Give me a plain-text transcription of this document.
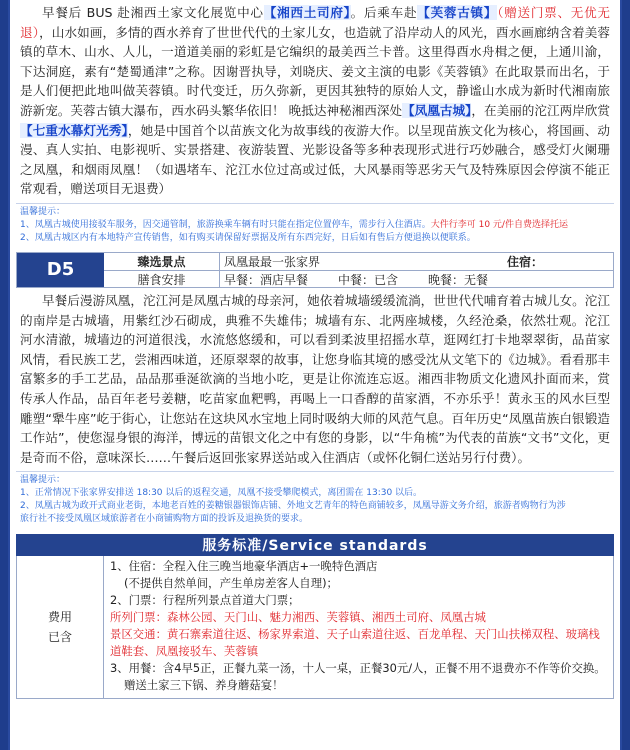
早餐后 BUS 赴湘西土家文化展览中心【湘西土司府】。后乘车赴【芙蓉古镇】（赠送门票、无优无退），山水如画，多情的酉水养育了世世代代的土家儿女，也造就了沿岸动人的风光，酉水画廊纳含着美蓉镇的草木、山水、人儿，一道道美丽的彩虹是它编织的最美西兰卡普。这里得酉水舟楫之便，上通川渝，下达洞庭，素有“楚蜀通津”之称。因谢晋执导，刘晓庆、姜文主演的电影《芙蓉镇》在此取景而出名，于是人们便把此地叫做芙蓉镇。时代变迁，历久弥新，更因其独特的原始人文，静谧山水成为新时代湘南旅游新宠。芙蓉古镇大瀑布，西水码头繁华依旧！ 晚抵达神秘湘西深处【凤凰古城】，在美丽的沱江两岸欣赏【七重水幕灯光秀】，她是中国首个以苗族文化为故事线的夜游大作。以呈现苗族文化为核心，将国画、动漫、真人实拍、电影视听、实景搭建、夜游装置、光影设备等多种表现形式进行巧妙融合，感受灯火阑珊之凤凰，和烟雨凤凰！（如遇堵车、沱江水位过高或过低，大风暴雨等恶劣天气及特殊原因会停演不能正常观看，赠送项目无退费）
温馨提示：
1、凤凰古城使用接驳车服务，因交通管制，旅游换乘车辆有时只能在指定位置停车，需步行入住酒店。大件行李可 10 元/件自费选择托运
2、凤凰古城区内有本地特产宣传销售，如有购买请保留好票据及所有东西完好，日后如有售后方便退换以便联系。
D5	臻选景点	凤凰最最一张家界	住宿：
膳食安排	早餐：酒店早餐	中餐：已含	晚餐：无餐
早餐后漫游凤凰，沱江河是凤凰古城的母亲河，她依着城墙缓缓流淌，世世代代哺育着古城儿女。沱江的南岸是古城墙，用紫红沙石砌成，典雅不失雄伟；城墙有东、北两座城楼，久经沧桑，依然壮观。沱江河水清澈，城墙边的河道很浅，水流悠悠缓和，可以看到柔波里招摇水草，逛网红打卡地翠翠街，品苗家风情，看民族工艺，尝湘西味道，还原翠翠的故事，让您身临其境的感受沈从文笔下的《边城》。看看那丰富繁多的手工艺品，品品那垂涎欲滴的当地小吃，更是让你流连忘返。湘西非物质文化遗风扑面而来，赏传承人作品，品百年老号姜糖，吃苗家血粑鸭，再喝上一口香醇的苗家酒，不亦乐乎！黄永玉的风水巨型雕塑“犟牛座”屹于街心，让您站在这块风水宝地上同时吸纳大师的风范气息。百年历史“凤凰苗族白银锻造工作站”，使您湿身银的海洋，博远的苗银文化之中有您的身影，以“牛角梳”为代表的苗族“文书”文化，更是奇而不俗，意味深长……午餐后返回张家界送站或入住酒店（或怀化铜仁送站另行付费）。
温馨提示：
1、正常情况下张家界安排送 18:30 以后的返程交通，凤凰不接受攀爬模式，离团需在 13:30 以后。
2、凤凰古城为政开式商业老街，本地老百姓的姜糖银器银饰店铺、外地文艺青年的特色商铺较多，凤凰导游文务介绍，旅游者购物行为涉
旅行社不接受凤凰区域旅游者在小商铺购物方面的投诉及退换货的要求。
服务标准/Service standards
费用
已含
1、住宿：全程入住三晚当地豪华酒店+一晚特色酒店
(不提供自然单间，产生单房差客人自理)；
2、门票：行程所列景点首道大门票；
所列门票：森林公园、天门山、魅力湘西、芙蓉镇、湘西土司府、凤凰古城
景区交通：黄石寨索道往返、杨家界索道、天子山索道往返、百龙单程、天门山扶梯双程、玻璃栈道鞋套、凤凰接驳车、芙蓉镇
3、用餐：含4早5正，正餐九菜一汤，十人一桌，正餐30元/人，正餐不用不退费亦不作等价交换。
赠送土家三下锅、养身蘑菇宴！
